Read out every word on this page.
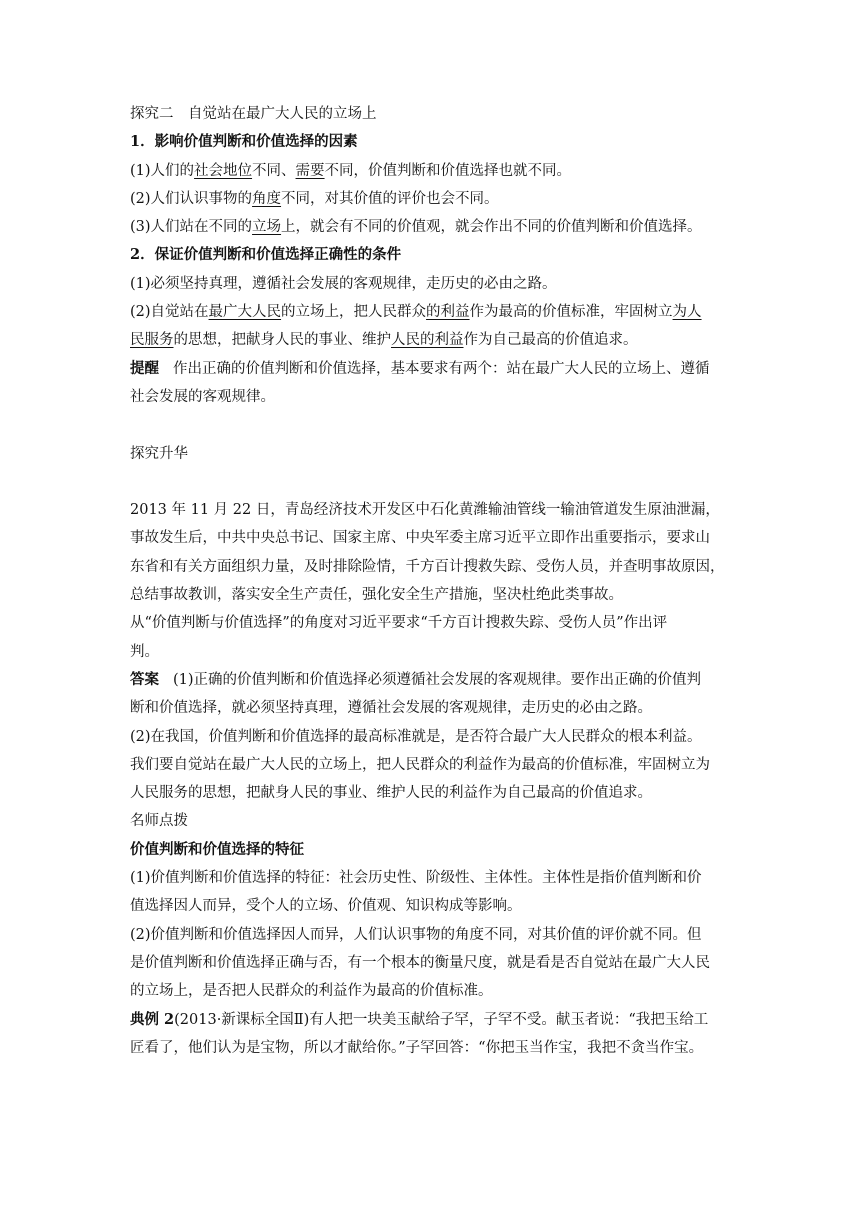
探究二　自觉站在最广大人民的立场上
1．影响价值判断和价值选择的因素
(1)人们的社会地位不同、需要不同，价值判断和价值选择也就不同。
(2)人们认识事物的角度不同，对其价值的评价也会不同。
(3)人们站在不同的立场上，就会有不同的价值观，就会作出不同的价值判断和价值选择。
2．保证价值判断和价值选择正确性的条件
(1)必须坚持真理，遵循社会发展的客观规律，走历史的必由之路。
(2)自觉站在最广大人民的立场上，把人民群众的利益作为最高的价值标准，牢固树立为人
民服务的思想，把献身人民的事业、维护人民的利益作为自己最高的价值追求。
提醒 作出正确的价值判断和价值选择，基本要求有两个：站在最广大人民的立场上、遵循
社会发展的客观规律。
探究升华
2013 年 11 月 22 日，青岛经济技术开发区中石化黄潍输油管线一输油管道发生原油泄漏，
事故发生后，中共中央总书记、国家主席、中央军委主席习近平立即作出重要指示，要求山
东省和有关方面组织力量，及时排除险情，千方百计搜救失踪、受伤人员，并查明事故原因，
总结事故教训，落实安全生产责任，强化安全生产措施，坚决杜绝此类事故。
从“价值判断与价值选择”的角度对习近平要求“千方百计搜救失踪、受伤人员”作出评
判。
答案 (1)正确的价值判断和价值选择必须遵循社会发展的客观规律。要作出正确的价值判
断和价值选择，就必须坚持真理，遵循社会发展的客观规律，走历史的必由之路。
(2)在我国，价值判断和价值选择的最高标准就是，是否符合最广大人民群众的根本利益。
我们要自觉站在最广大人民的立场上，把人民群众的利益作为最高的价值标准，牢固树立为
人民服务的思想，把献身人民的事业、维护人民的利益作为自己最高的价值追求。
名师点拨
价值判断和价值选择的特征
(1)价值判断和价值选择的特征：社会历史性、阶级性、主体性。主体性是指价值判断和价
值选择因人而异，受个人的立场、价值观、知识构成等影响。
(2)价值判断和价值选择因人而异，人们认识事物的角度不同，对其价值的评价就不同。但
是价值判断和价值选择正确与否，有一个根本的衡量尺度，就是看是否自觉站在最广大人民
的立场上，是否把人民群众的利益作为最高的价值标准。
典例 2(2013·新课标全国Ⅱ)有人把一块美玉献给子罕，子罕不受。献玉者说：“我把玉给工
匠看了，他们认为是宝物，所以才献给你。”子罕回答：“你把玉当作宝，我把不贪当作宝。
